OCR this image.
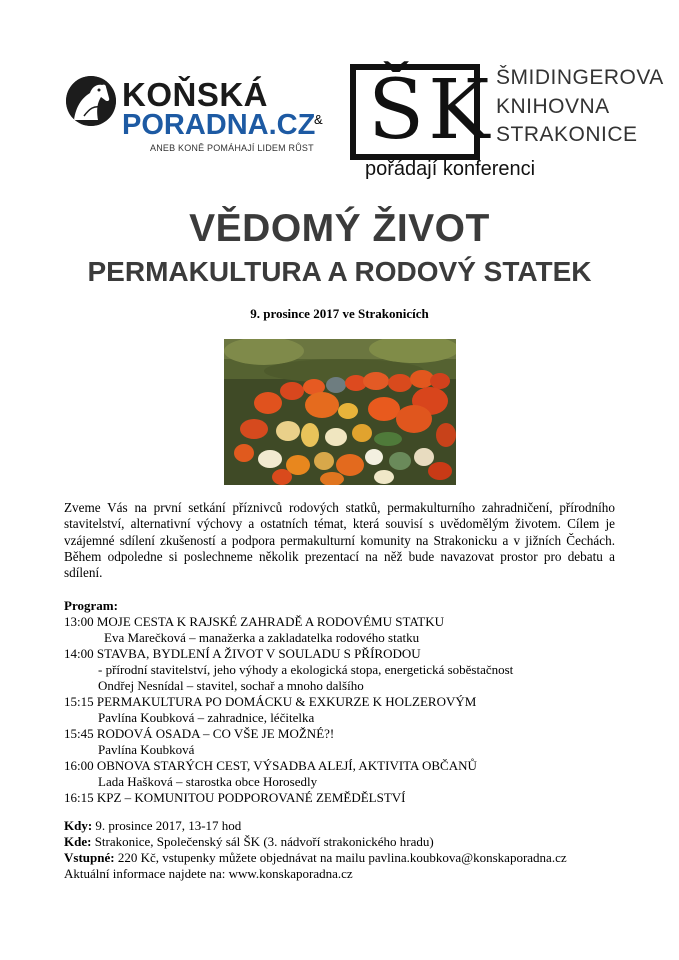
KOŇSKÁ
PORADNA.CZ
ANEB KONĚ POMÁHAJÍ LIDEM RŮST
& ŠK ŠMIDINGEROVA
KNIHOVNA
STRAKONICE
pořádají konferenci
VĚDOMÝ ŽIVOT
PERMAKULTURA A RODOVÝ STATEK
9. prosince 2017 ve Strakonicích
Zveme Vás na první setkání příznivců rodových statků, permakulturního zahradničení, přírodního stavitelství, alternativní výchovy a ostatních témat, která souvisí s uvědomělým životem. Cílem je vzájemné sdílení zkušeností a podpora permakulturní komunity na Strakonicku a v jižních Čechách. Během odpoledne si poslechneme několik prezentací na něž bude navazovat prostor pro debatu a sdílení.
Program:
13:00 MOJE CESTA K RAJSKÉ ZAHRADĚ A RODOVÉMU STATKU
Eva Marečková – manažerka a zakladatelka rodového statku
14:00 STAVBA, BYDLENÍ A ŽIVOT V SOULADU S PŘÍRODOU
- přírodní stavitelství, jeho výhody a ekologická stopa, energetická soběstačnost
Ondřej Nesnídal – stavitel, sochař a mnoho dalšího
15:15 PERMAKULTURA PO DOMÁCKU & EXKURZE K HOLZEROVÝM
Pavlína Koubková – zahradnice, léčitelka
15:45 RODOVÁ OSADA – CO VŠE JE MOŽNÉ?!
Pavlína Koubková
16:00 OBNOVA STARÝCH CEST, VÝSADBA ALEJÍ, AKTIVITA OBČANŮ
Lada Hašková – starostka obce Horosedly
16:15 KPZ – KOMUNITOU PODPOROVANÉ ZEMĚDĚLSTVÍ
Kdy: 9. prosince 2017, 13-17 hod
Kde: Strakonice, Společenský sál ŠK (3. nádvoří strakonického hradu)
Vstupné: 220 Kč, vstupenky můžete objednávat na mailu pavlina.koubkova@konskaporadna.cz
Aktuální informace najdete na: www.konskaporadna.cz
